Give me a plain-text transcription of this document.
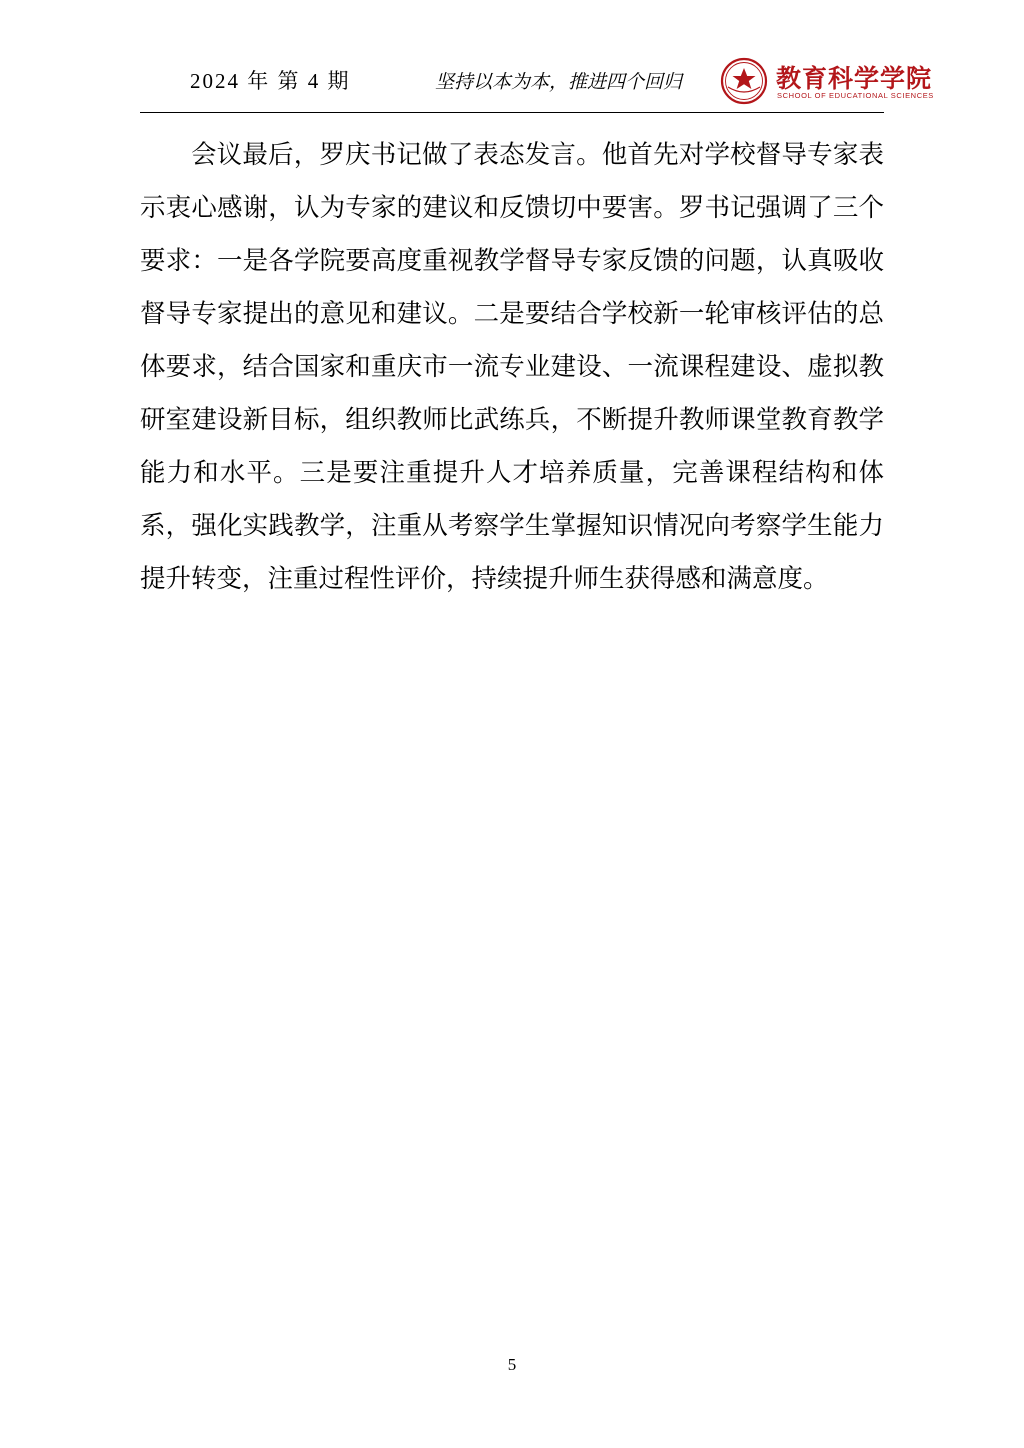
2024 年 第 4 期	坚持以本为本，推进四个回归	教育科学学院
SCHOOL OF EDUCATIONAL SCIENCES
会议最后，罗庆书记做了表态发言。他首先对学校督导专家表示衷心感谢，认为专家的建议和反馈切中要害。罗书记强调了三个要求：一是各学院要高度重视教学督导专家反馈的问题，认真吸收督导专家提出的意见和建议。二是要结合学校新一轮审核评估的总体要求，结合国家和重庆市一流专业建设、一流课程建设、虚拟教研室建设新目标，组织教师比武练兵，不断提升教师课堂教育教学能力和水平。三是要注重提升人才培养质量，完善课程结构和体系，强化实践教学，注重从考察学生掌握知识情况向考察学生能力提升转变，注重过程性评价，持续提升师生获得感和满意度。
5
